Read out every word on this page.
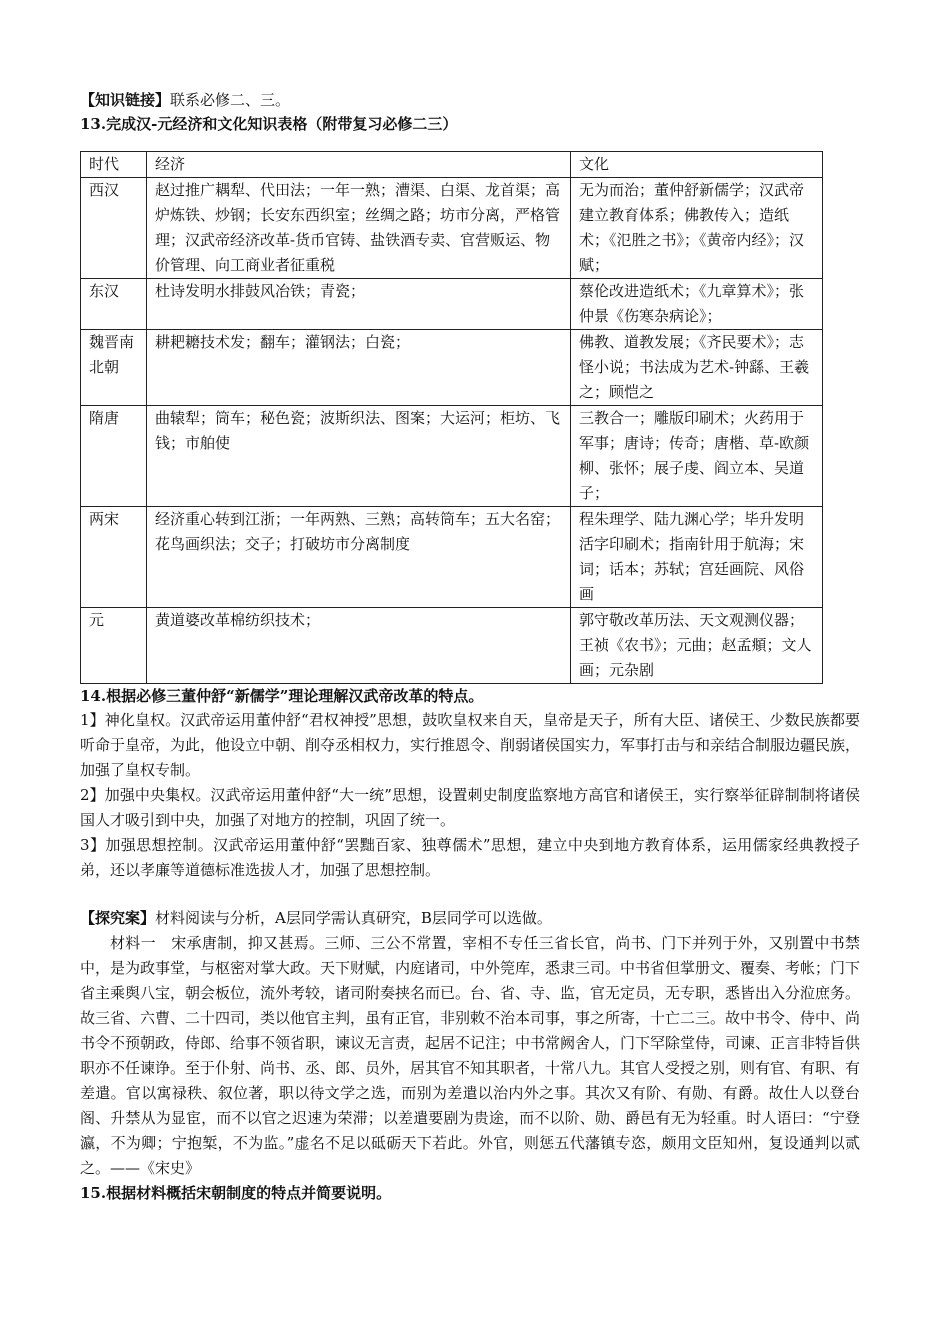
【知识链接】联系必修二、三。

13.完成汉-元经济和文化知识表格（附带复习必修二三）

时代	经济	文化
西汉	赵过推广耦犁、代田法；一年一熟；漕渠、白渠、龙首渠；高炉炼铁、炒钢；长安东西织室；丝绸之路；坊市分离，严格管理；汉武帝经济改革-货币官铸、盐铁酒专卖、官营贩运、物价管理、向工商业者征重税	无为而治；董仲舒新儒学；汉武帝建立教育体系；佛教传入；造纸术；《氾胜之书》；《黄帝内经》；汉赋；
东汉	杜诗发明水排鼓风冶铁；青瓷；	蔡伦改进造纸术；《九章算术》；张仲景《伤寒杂病论》；
魏晋南北朝	耕耙耱技术发；翻车；灌钢法；白瓷；	佛教、道教发展；《齐民要术》；志怪小说；书法成为艺术-钟繇、王羲之；顾恺之
隋唐	曲辕犁；筒车；秘色瓷；波斯织法、图案；大运河；柜坊、飞钱；市舶使	三教合一；雕版印刷术；火药用于军事；唐诗；传奇；唐楷、草-欧颜柳、张怀；展子虔、阎立本、吴道子；
两宋	经济重心转到江浙；一年两熟、三熟；高转筒车；五大名窑；花鸟画织法；交子；打破坊市分离制度	程朱理学、陆九渊心学；毕升发明活字印刷术；指南针用于航海；宋词；话本；苏轼；宫廷画院、风俗画
元	黄道婆改革棉纺织技术；	郭守敬改革历法、天文观测仪器；王祯《农书》；元曲；赵孟頫；文人画；元杂剧

14.根据必修三董仲舒“新儒学”理论理解汉武帝改革的特点。

1】神化皇权。汉武帝运用董仲舒“君权神授”思想，鼓吹皇权来自天，皇帝是天子，所有大臣、诸侯王、少数民族都要听命于皇帝，为此，他设立中朝、削夺丞相权力，实行推恩令、削弱诸侯国实力，军事打击与和亲结合制服边疆民族，加强了皇权专制。

2】加强中央集权。汉武帝运用董仲舒“大一统”思想，设置刺史制度监察地方高官和诸侯王，实行察举征辟制制将诸侯国人才吸引到中央，加强了对地方的控制，巩固了统一。

3】加强思想控制。汉武帝运用董仲舒“罢黜百家、独尊儒术”思想，建立中央到地方教育体系，运用儒家经典教授子弟，还以孝廉等道德标准选拔人才，加强了思想控制。

【探究案】材料阅读与分析，A层同学需认真研究，B层同学可以选做。

材料一　宋承唐制，抑又甚焉。三师、三公不常置，宰相不专任三省长官，尚书、门下并列于外，又别置中书禁中，是为政事堂，与枢密对掌大政。天下财赋，内庭诸司，中外筦库，悉隶三司。中书省但掌册文、覆奏、考帐；门下省主乘舆八宝，朝会板位，流外考较，诸司附奏挟名而已。台、省、寺、监，官无定员，无专职，悉皆出入分涖庶务。故三省、六曹、二十四司，类以他官主判，虽有正官，非别敕不治本司事，事之所寄，十亡二三。故中书令、侍中、尚书令不预朝政，侍郎、给事不领省职，谏议无言责，起居不记注；中书常阙舍人，门下罕除堂侍，司谏、正言非特旨供职亦不任谏诤。至于仆射、尚书、丞、郎、员外，居其官不知其职者，十常八九。其官人受授之别，则有官、有职、有差遣。官以寓禄秩、叙位著，职以待文学之选，而别为差遣以治内外之事。其次又有阶、有勋、有爵。故仕人以登台阁、升禁从为显宦，而不以官之迟速为荣滞；以差遣要剧为贵途，而不以阶、勋、爵邑有无为轻重。时人语曰：“宁登瀛，不为卿；宁抱椠，不为监。”虚名不足以砥砺天下若此。外官，则惩五代藩镇专恣，颇用文臣知州，复设通判以贰之。——《宋史》

15.根据材料概括宋朝制度的特点并简要说明。
